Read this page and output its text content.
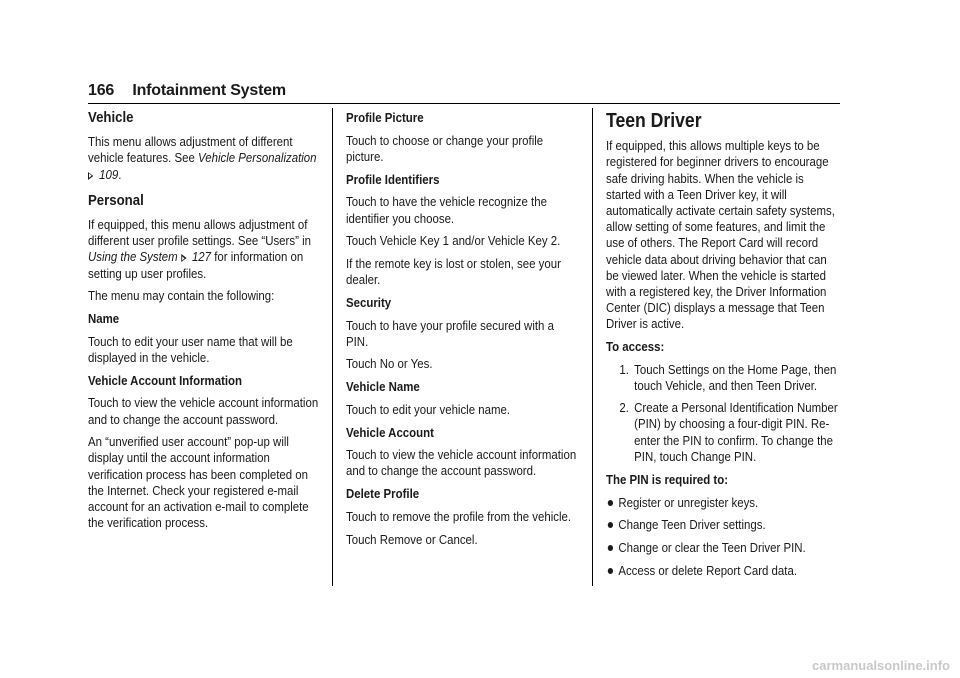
166 Infotainment System

Vehicle

This menu allows adjustment of different vehicle features. See Vehicle Personalization
109.

Personal

If equipped, this menu allows adjustment of different user profile settings. See “Users” in Using the System 127 for information on setting up user profiles.

The menu may contain the following:

Name

Touch to edit your user name that will be displayed in the vehicle.

Vehicle Account Information

Touch to view the vehicle account information and to change the account password.

An “unverified user account” pop-up will display until the account information verification process has been completed on the Internet. Check your registered e-mail account for an activation e-mail to complete the verification process.

Profile Picture

Touch to choose or change your profile picture.

Profile Identifiers

Touch to have the vehicle recognize the identifier you choose.

Touch Vehicle Key 1 and/or Vehicle Key 2.

If the remote key is lost or stolen, see your dealer.

Security

Touch to have your profile secured with a PIN.

Touch No or Yes.

Vehicle Name

Touch to edit your vehicle name.

Vehicle Account

Touch to view the vehicle account information and to change the account password.

Delete Profile

Touch to remove the profile from the vehicle.

Touch Remove or Cancel.

Teen Driver

If equipped, this allows multiple keys to be registered for beginner drivers to encourage safe driving habits. When the vehicle is started with a Teen Driver key, it will automatically activate certain safety systems, allow setting of some features, and limit the use of others. The Report Card will record vehicle data about driving behavior that can be viewed later. When the vehicle is started with a registered key, the Driver Information Center (DIC) displays a message that Teen Driver is active.

To access:

1. Touch Settings on the Home Page, then touch Vehicle, and then Teen Driver.
2. Create a Personal Identification Number (PIN) by choosing a four-digit PIN. Re-enter the PIN to confirm. To change the PIN, touch Change PIN.

The PIN is required to:

Register or unregister keys.
Change Teen Driver settings.
Change or clear the Teen Driver PIN.
Access or delete Report Card data.
carmanualsonline.info
